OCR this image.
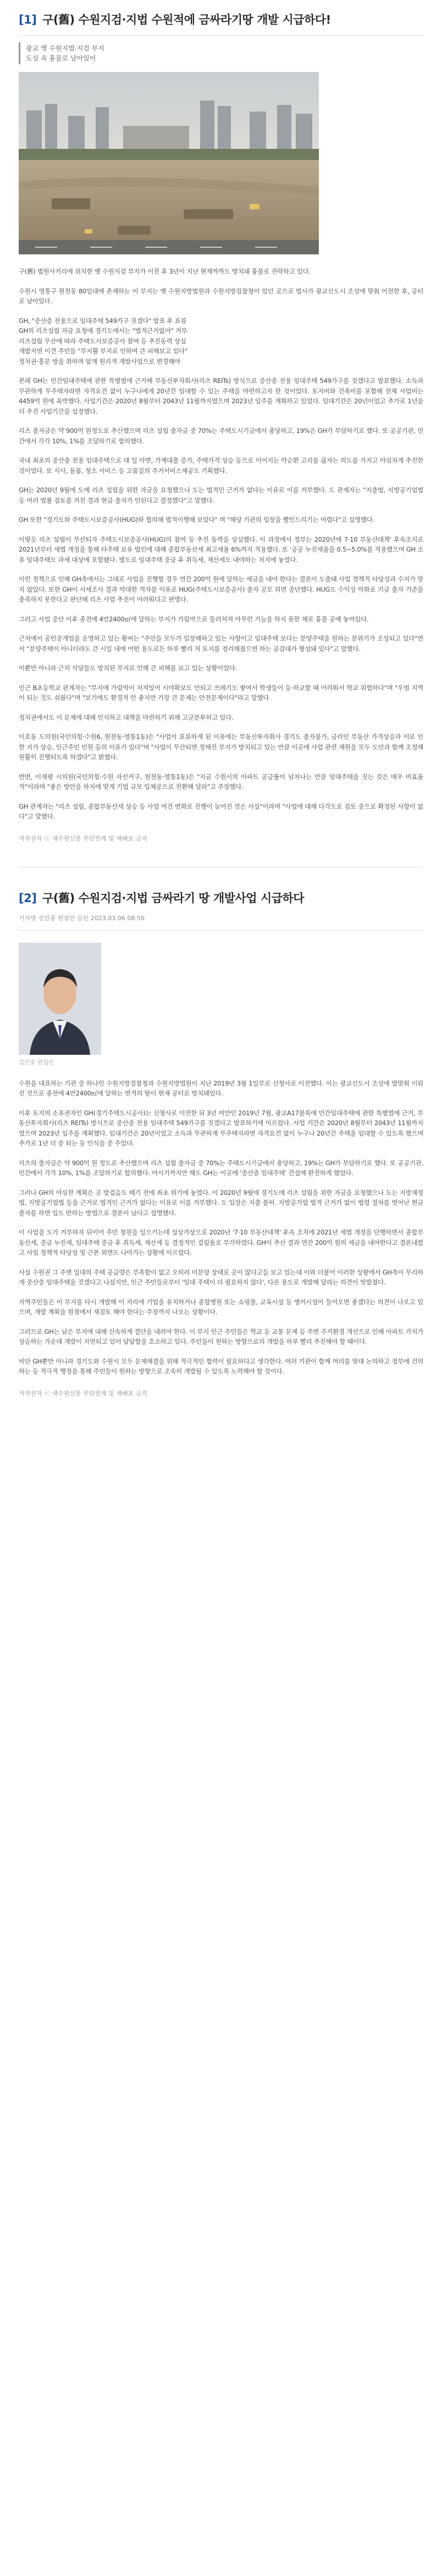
[1] 구(舊) 수원지검·지법 수원적에 금싸라기땅 개발 시급하다!
광교 옛 수원지법·지검 부지
도심 속 흉물로 남아있어

구(舊) 법원사거리에 위치한 옛 수원지검 부지가 이전 후 3년이 지난 현재까까도 방치돼 흉물로 전락하고 있다.

수원시 영통구 원천동 80일대에 존재하는 이 부지는 옛 수원지방법원과 수원지방검찰청이 있던 곳으로 법사가 광교신도시 조성에 맞춰 이전한 후, 공터로 남아있다.

GH, "중산층 전용으로 임대주택 549가구 짓겠다" 발표 후 표류
GH의 리츠설립 자금 요청에 경기도에서는 "법적근거없어" 거부
리츠설립 무산에 따라 주택도시보증공사 참여 등 추진동력 상실
개발지연 이견 주민들 "부지활 부지로 인하여 큰 피해보고 있다"
정치권·홍문 방을 취하며 앞게 원리적 개발사업으로 변경해야

본래 GH는 민간임대주택에 관한 특별법에 근거해 부동산투자회사(리츠 REITs) 방식으로 중산층 전용 임대주택 549가구를 짓겠다고 발표했다. 소득과 무관하게 무주택자라면 자격요건 없이 누구나에게 20년간 임대할 수 있는 주택을 마련하고자 한 것이었다. 토지비와 건축비를 포함해 전체 사업비는 4459억 원에 육박했다. 사업기간은 2020년 8월부터 2043년 11월까지였으며 2023년 입주를 계획하고 있었다. 임대기간은 20년이었고 추가로 1년을 더 추진 사업기간을 설정했다.

리츠 출자금은 약 900억 원정도로 추산했으며 리츠 설립 출자금 중 70%는 주택도시기금에서 충당하고, 19%은 GH가 부담하기로 했다. 또 공공기관, 민간에서 각각 10%, 1%를 조달하기로 합의했다.

국내 최초의 중산층 전용 임대주택으로 대 일 아면, 가계대출 증가, 주택가격 상승 등으로 이어지는 악순환 고리를 끊자는 의도를 가지고 야심차게 추진한 것이었다. 또 식사, 돌봄, 청소 서비스 등 고품질의 주거서비스제공도 기획했다.

GH는 2020년 9월에 도에 리츠 설립을 위한 자금을 요청했으나 도는 법적인 근거가 없다는 이유로 이를 거부했다. 도 관계자는 "지출법, 지방공기업법 등 여러 법률 검토를 거친 결과 현금 출자가 인된다고 결정했다"고 말했다.

GH 또한 "경기도와 주택도시보증공사(HUG)와 협의해 법적이행해 보았다" 며 "해당 기관의 입장을 빨인드리기는 어렵다"고 설명했다.

이렇듯 리츠 설립이 무산되자 주택도시보증공사(HUG)의 참여 등 추진 동력을 상실했다. 이 과정에서 정부는 2020년에 7·10 부동산대책' 후속조치로 2021년부터 세법 개정을 통해 타주택 보유 법인에 대해 종합부동산세 최고세율 6%까지 적용했다. 또 '공공 누진세율을 0.5~5.0%를 적용했으며 GH 소유 임대주택도 과세 대상에 포함됐다. 별도로 임대주택 중금 후 취득세, 재산세도 내야하는 처지에 놓였다.

이런 정책으로 인해 GH측에서는 그대로 사업을 진행할 경우 연간 200억 원에 달하는 세금을 내야 한다는 결론이 도출돼 사업 정책적 타당성과 수지가 맞지 않았다. 또한 GH이 시세조사 결과 막대한 적자를 이유로 HUG(주택도시보증공사) 출자 공모 외면 중단했다. HUG도 수익성 악화로 기금 출자 기준을 충족하지 못한다고 판단해 리츠 사업 추진이 어려워다고 판명다.

그러고 사업 중단 이후 종전에 4만2400㎡에 달하는 부지가 가림막으로 둘러쳐져 아무런 기능을 하지 못한 채로 흉물 공예 놓여있다.

근처에서 공인중개업을 운영하고 있는 황씨는 "주민들 모두가 입장해하고 있는 사항이고 임대주택 보다는 분양주택을 원하는 분위기가 조성되고 있다"면서 "분양주택이 아니더라도 큰 시일 내에 어떤 용도로든 하루 빨리 저 토지를 정리해줬으면 하는 공감대가 형성돼 있다"고 말했다.

이뿐만 아니라 근처 식당들도 방치된 부지로 인해 큰 피해를 보고 있는 상황이었다.

인근 B초등학교 관계자는 "부지에 가림막이 처져있어 시야확보도 안되고 쓰레기도 쌓여서 학생들이 등·하교할 때 어려워서 학교 위험하다"며 "우범 지역이 되는 것도 쉬웠다"며 "보기에도 환경적 안 좋지만 가장 큰 문제는 안전문제이다"라고 말했다.

정치권에서도 이 문제에 대해 인식하고 대책을 마련하기 위해 고군분투하고 있다.

이호동 도의원(국민의힘·수원6, 원천동·영통1동)은 "사업이 표류하게 된 이유에는 부동산투자회사 경기도 출자불가, 금리인 부동산 가격상승과 이로 인한 지가 상승, 인근주민 민원 등의 이유가 있다"며 "사업이 무산되면 정해진 부지가 방치되고 있는 만큼 이곳에 사업 관련 재원을 모두 도민과 함께 조정해 원활히 진행되도록 하겠다"고 밝혔다.

반면, 이재평 시의원(국민의힘·수원 자선거구, 원천동·영통1동)은 "지금 수원시의 아파트 공급률이 넘쳐나는 만큼 임대주택을 짓는 것은 매우 비효율적"이라며 "좋은 방안을 하지에 맞게 기업 규모 입체공으로 전환해 달라"고 주장했다.

GH 관계자는 "리츠 설립, 종합부동산세 상승 등 사업 여건 변화로 진행이 늦어진 것은 사실"이라며 "사업에 대해 다각도로 검토 중으로 확정된 사항이 없다"고 말했다.

저작권자 ⓒ 새수원신문 무단전재 및 재배포 금지
[2] 구(舊) 수원지검·지법 금싸라기 땅 개발사업 시급하다
기자명 김민중 편집인 승인 2023.03.06 08:56
김민중 편집인

수원을 대표하는 기관 중 하나인 수원지방검찰청과 수원지방법원이 지난 2019년 3월 1일부로 신청사로 이전했다. 이는 광교신도시 조성에 발맞춰 이뤄진 것으로 종전에 4만2400㎡에 달하는 면적의 땅이 현재 공터로 방치돼있다.

이후 토지의 소유권자인 GH(경기주택도시공사)는 신청사로 이전한 뒤 3년 여만인 2019년 7월, 광교A17블록에 민간임대주택에 관한 특별법에 근거, 부동산투자회사(리츠 REITs) 방식으로 중산층 전용 임대주택 549가구를 짓겠다고 발표하기에 이르렀다. 사업 기간은 2020년 8월부터 2043년 11월까지였으며 2023년 입주를 계획했다. 임대기간은 20년이었고 소득과 무관하게 무주택자라면 자격요건 없이 누구나 20년간 주택을 임대할 수 있도록 했으며 추가로 1년 더 중 되는 등 인식을 중 주었다.

리츠의 출자금은 약 900억 원 정도로 추산했으며 리츠 설립 출자금 중 70%는 주택도시기금에서 충당하고, 19%는 GH가 부담하기로 했다. 또 공공기관, 민간에서 각각 10%, 1%를 조달하기로 합의했다. 아시기까지만 해도 GH는 이곳에 '중산층 임대주택' 건설에 완전하게 했었다.

그러나 GH의 야심찬 계획은 곳 발걸음도 떼기 전에 좌초 위기에 놓였다. 이 2020년 9월에 경기도에 리츠 설립을 위한 자금을 요청했으나 도는 지방재정법, 지방공기업법 등을 근거로 법적인 근거가 없다는 이유로 이를 거부했다. 도 입장은 지출 불허. 지방공기업 법적 근거가 없이 법령 절차를 벗어난 현금 출자를 하면 입도 반하는 방법으로 결론이 났다고 설명했다.

이 사업을 도가 거부하자 뒤이어 주민 청원을 일으키는데 설상가상으로 2020년 '7·10 부동산대책' 후속 조치에 2021년 세법 개정을 단행하면서 종합부동산세, 중금 누진세, 임대주택 중금 후 취득세, 재산세 등 결정적인 걸림돌로 부각하였다. GH이 추산 결과 연간 200억 원의 세금을 내야한다고 결론내렸고 사업 정책적 타당성 및 근본 외면도 나아가는 상황에 이르렀다.

사실 수원권 그 주변 일대의 주택 공급량은 부족함이 없고 오히려 미분양 상태로 곳이 많다고들 보고 있는데 이와 더불어 이러한 상황에서 GH측이 무리하게 중산층 임대주택을 짓겠다고 나섰지만, 인근 주민들로부터 '임대 주택이 더 필요하지 않다', 다른 용도로 개발해 달라는 의견이 빗발쳤다.

지역주민들은 이 부지를 다시 개발해 이 자리에 기업을 유치하거나 종합병원 또는 쇼핑몰, 교육시설 등 앵커시설이 들어오면 좋겠다는 의견이 나오고 있으며, 개발 계획을 원점에서 재검토 해야 한다는 주장까지 나오는 상황이다.

그러므로 GH는 남은 부지에 대해 신속하게 결단을 내려야 한다. 이 부지 인근 주민들은 학교 등 교통 문제 등 주변 주거환경 개선으로 인해 아파트 가치가 상승하는 가운데 개발이 지연되고 있어 답답함을 호소하고 있다. 주민들이 원하는 방향으로의 개발을 하루 빨리 추진해야 할 때이다.

비단 GH뿐만 아니라 경기도와 수원시 모두 문제해결을 위해 적극적인 협력이 필요하다고 생각한다. 여러 기관이 함께 머리를 맞대 논의하고 정부에 건의하는 등 적극적 행정을 통해 주민들이 원하는 방향으로 조속히 개발될 수 있도록 노력해야 할 것이다.

저작권자 ⓒ 새수원신문 무단전재 및 재배포 금지
